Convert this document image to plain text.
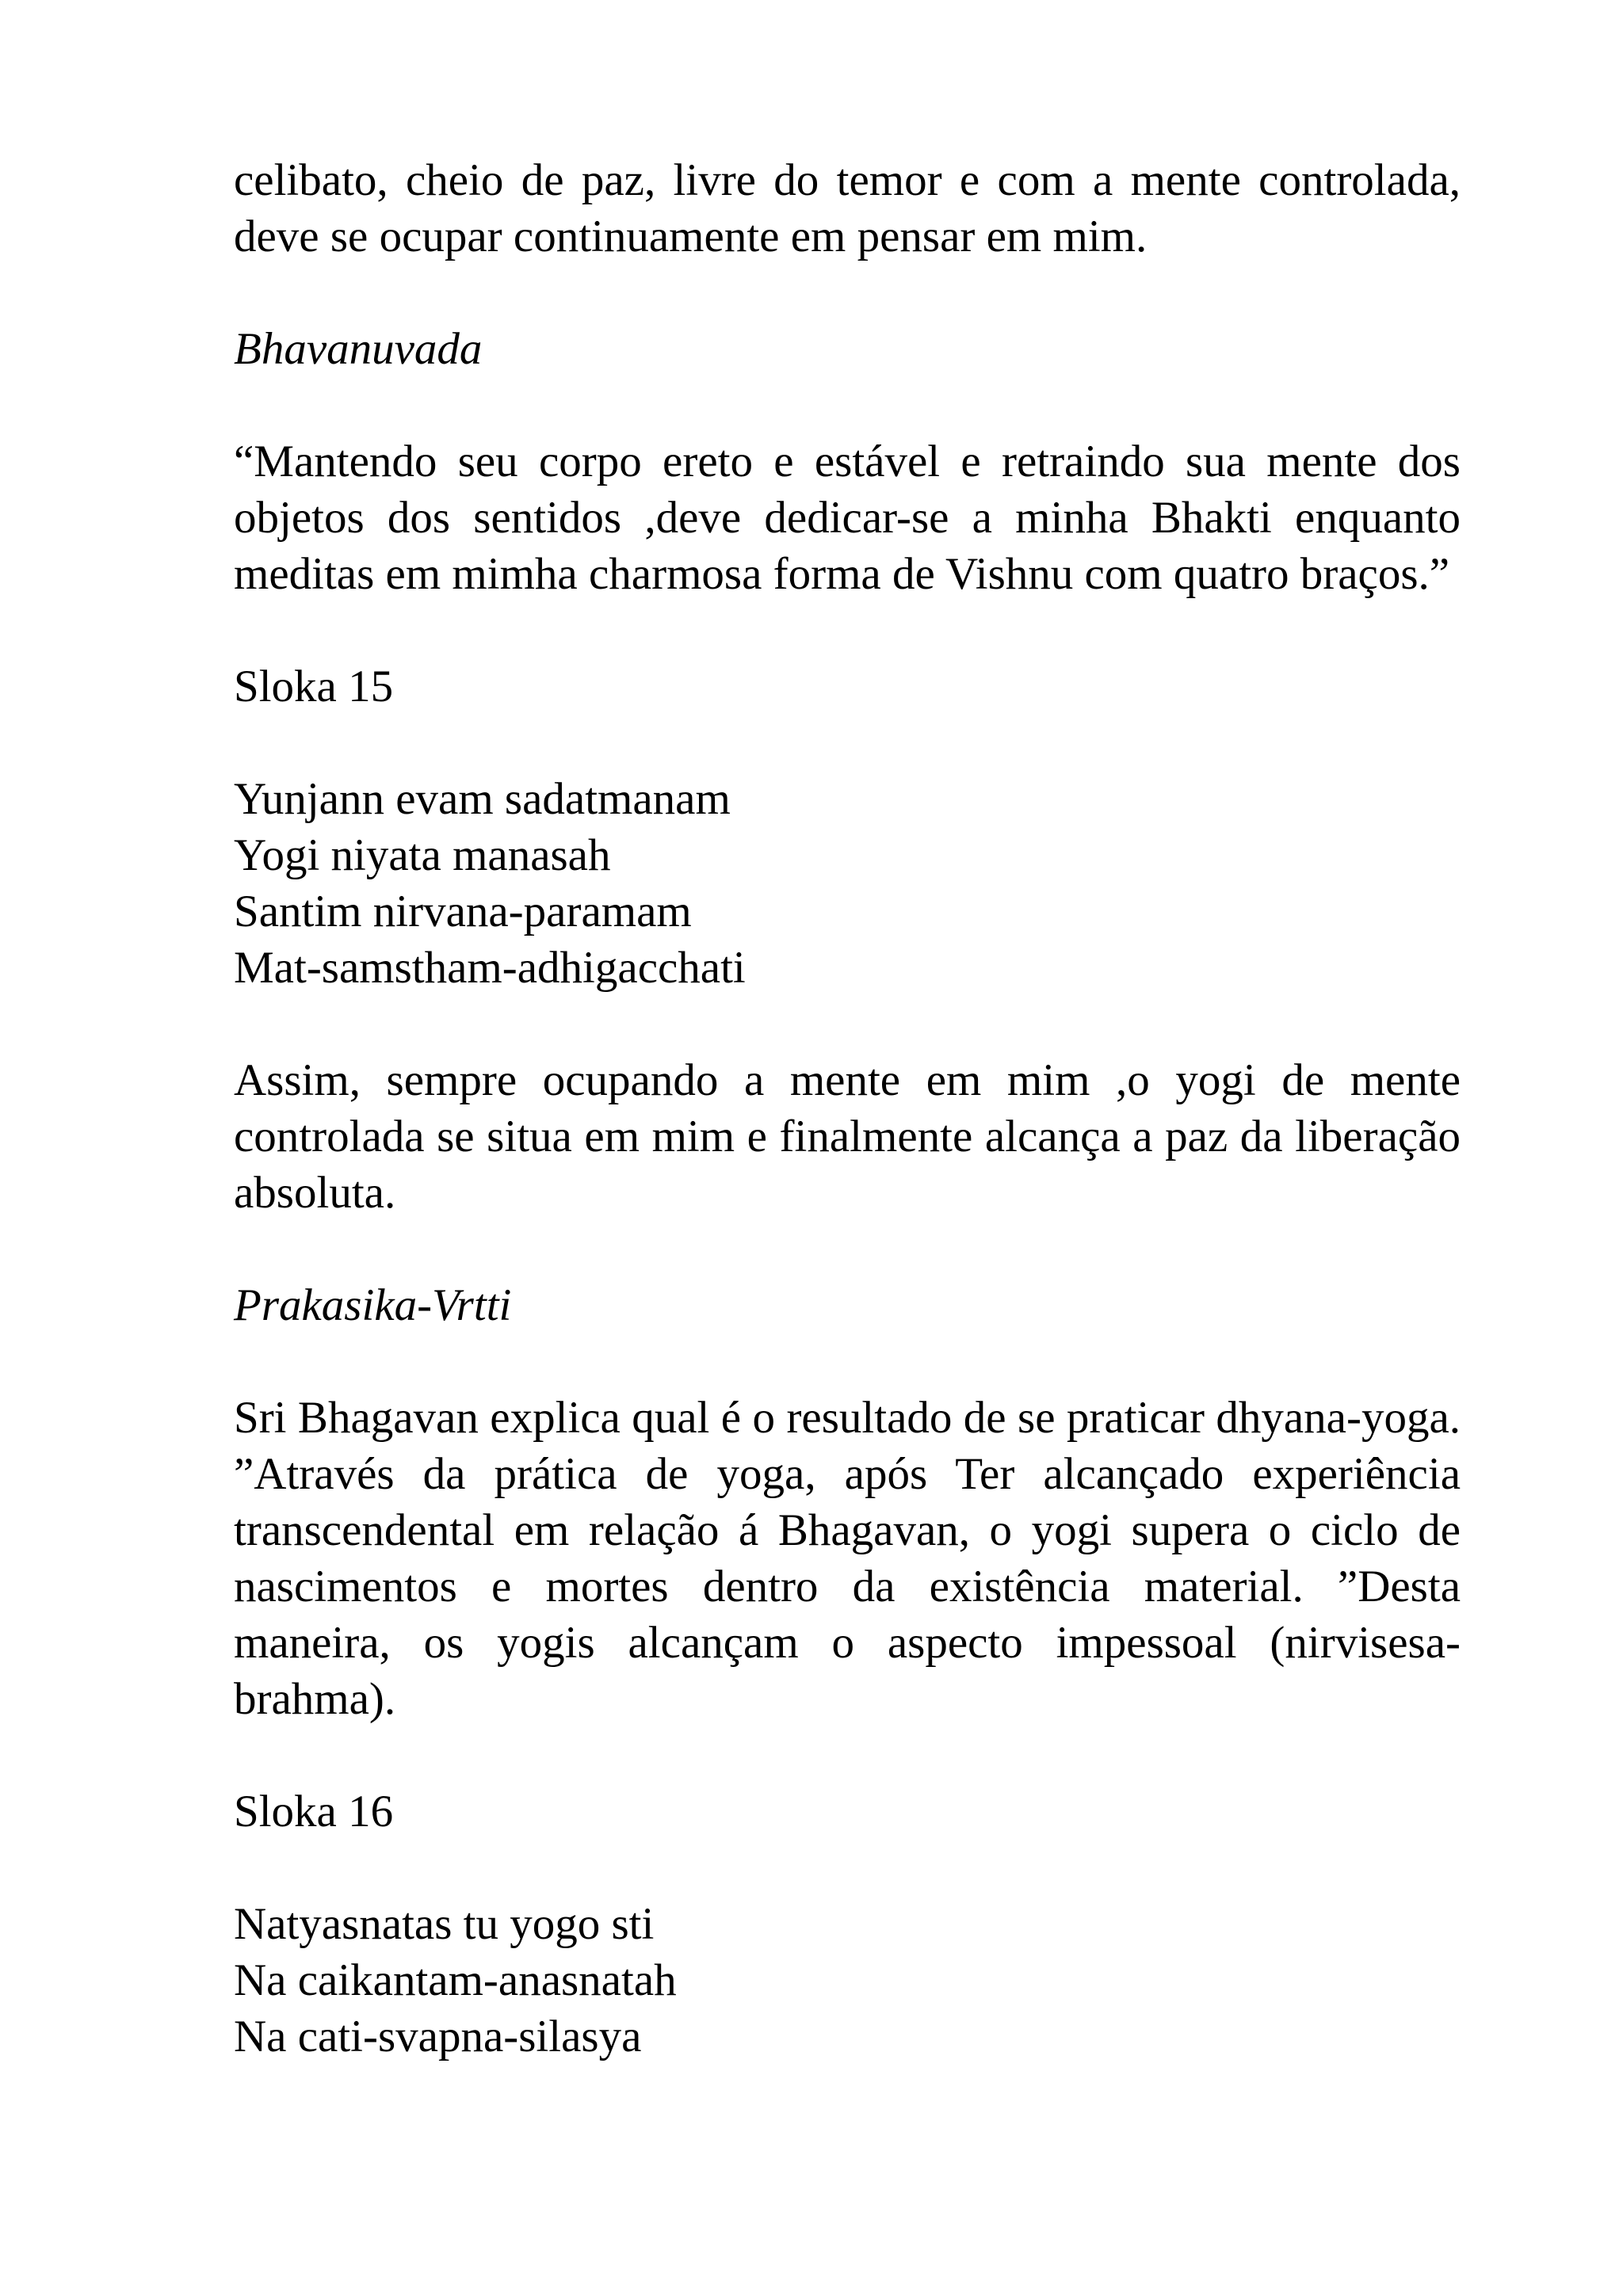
celibato, cheio de paz, livre do temor e com a mente controlada, deve se ocupar continuamente em pensar em mim.

Bhavanuvada

“Mantendo seu corpo ereto e estável e retraindo sua mente dos objetos dos sentidos ,deve dedicar-se a minha Bhakti enquanto meditas em mimha charmosa forma de Vishnu com quatro braços.”

Sloka 15

Yunjann evam sadatmanam
Yogi niyata manasah
Santim nirvana-paramam
Mat-samstham-adhigacchati

Assim, sempre ocupando a mente em mim ,o yogi de mente controlada se situa em mim e finalmente alcança a paz da liberação absoluta.

Prakasika-Vrtti

Sri Bhagavan explica qual é o resultado de se praticar dhyana-yoga. ”Através da prática de yoga, após Ter alcançado experiência transcendental em relação á Bhagavan, o yogi supera o ciclo de nascimentos e mortes dentro da existência material. ”Desta maneira, os yogis alcançam o aspecto impessoal (nirvisesa-brahma).

Sloka 16

Natyasnatas tu yogo sti
Na caikantam-anasnatah
Na cati-svapna-silasya
